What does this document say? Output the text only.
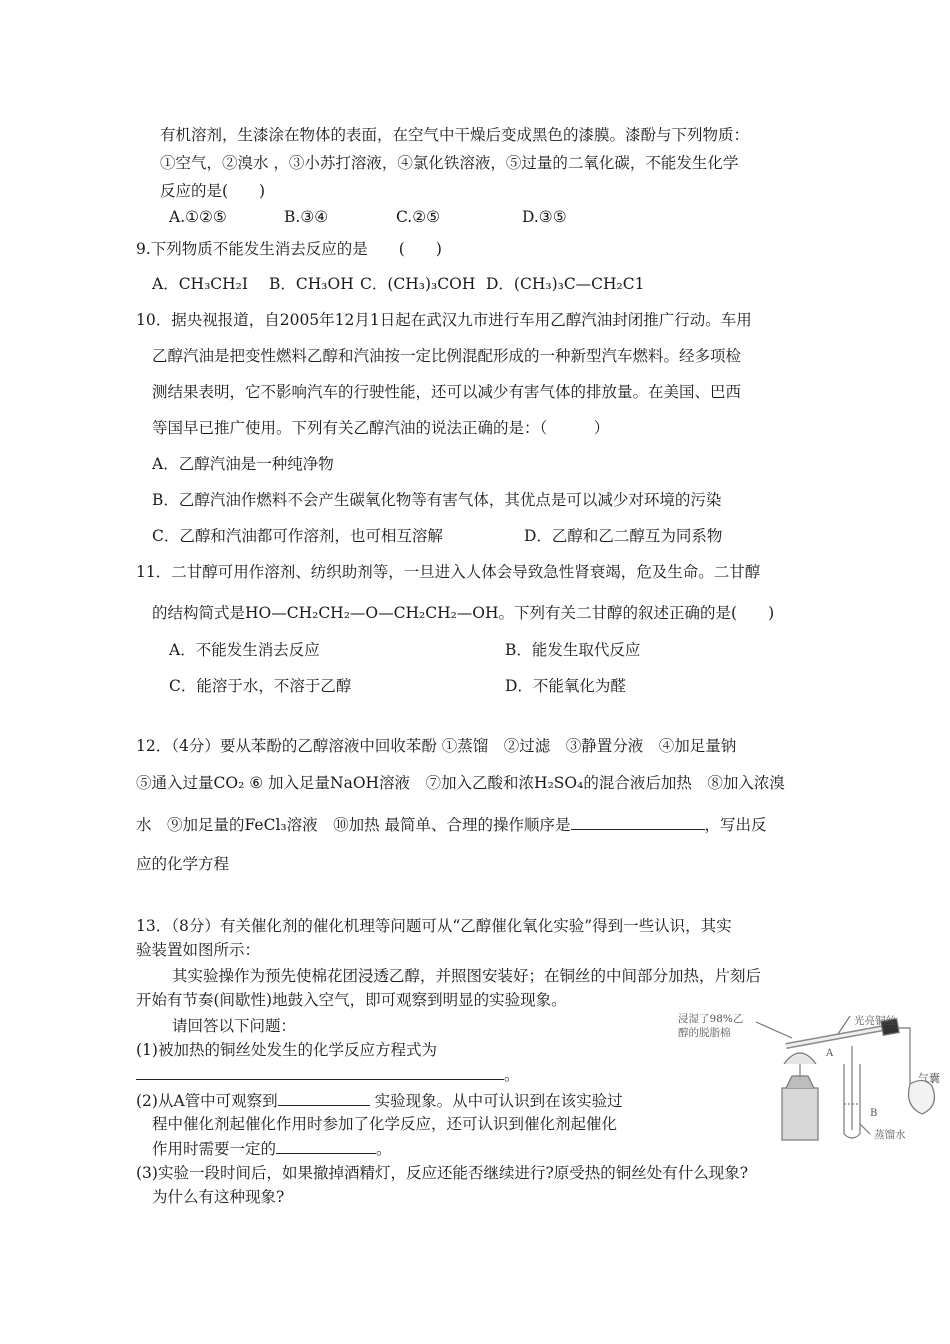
有机溶剂，生漆涂在物体的表面，在空气中干燥后变成黑色的漆膜。漆酚与下列物质：
①空气，②溴水 ，③小苏打溶液，④氯化铁溶液，⑤过量的二氧化碳，不能发生化学
反应的是(　　)
A.①②⑤	B.③④	C.②⑤	D.③⑤
9.下列物质不能发生消去反应的是　　(　　)
A．CH₃CH₂I B．CH₃OH C．(CH₃)₃COH D．(CH₃)₃C—CH₂C1
10．据央视报道，自2005年12月1日起在武汉九市进行车用乙醇汽油封闭推广行动。车用
乙醇汽油是把变性燃料乙醇和汽油按一定比例混配形成的一种新型汽车燃料。经多项检
测结果表明，它不影响汽车的行驶性能，还可以减少有害气体的排放量。在美国、巴西
等国早已推广使用。下列有关乙醇汽油的说法正确的是：（　　　）
A．乙醇汽油是一种纯净物
B．乙醇汽油作燃料不会产生碳氧化物等有害气体，其优点是可以减少对环境的污染
C．乙醇和汽油都可作溶剂，也可相互溶解	D．乙醇和乙二醇互为同系物
11．二甘醇可用作溶剂、纺织助剂等，一旦进入人体会导致急性肾衰竭，危及生命。二甘醇
的结构简式是HO—CH₂CH₂—O—CH₂CH₂—OH。下列有关二甘醇的叙述正确的是(　　)
A．不能发生消去反应	B．能发生取代反应
C．能溶于水，不溶于乙醇	D．不能氧化为醛
12．（4分）要从苯酚的乙醇溶液中回收苯酚 ①蒸馏　②过滤　③静置分液　④加足量钠
⑤通入过量CO₂ ⑥ 加入足量NaOH溶液　⑦加入乙酸和浓H₂SO₄的混合液后加热　⑧加入浓溴
水　⑨加足量的FeCl₃溶液　⑩加热 最简单、合理的操作顺序是	，写出反
应的化学方程
13．（8分）有关催化剂的催化机理等问题可从“乙醇催化氧化实验”得到一些认识，其实
验装置如图所示：
其实验操作为预先使棉花团浸透乙醇，并照图安装好；在铜丝的中间部分加热，片刻后
开始有节奏(间歇性)地鼓入空气，即可观察到明显的实验现象。
请回答以下问题：
(1)被加热的铜丝处发生的化学反应方程式为
。
(2)从A管中可观察到	实验现象。从中可认识到在该实验过
程中催化剂起催化作用时参加了化学反应，还可认识到催化剂起催化
作用时需要一定的	。
(3)实验一段时间后，如果撤掉酒精灯，反应还能否继续进行?原受热的铜丝处有什么现象?
为什么有这种现象?
浸湿了98%乙
醇的脱脂棉
光亮铜丝
气囊
A
B
蒸馏水
